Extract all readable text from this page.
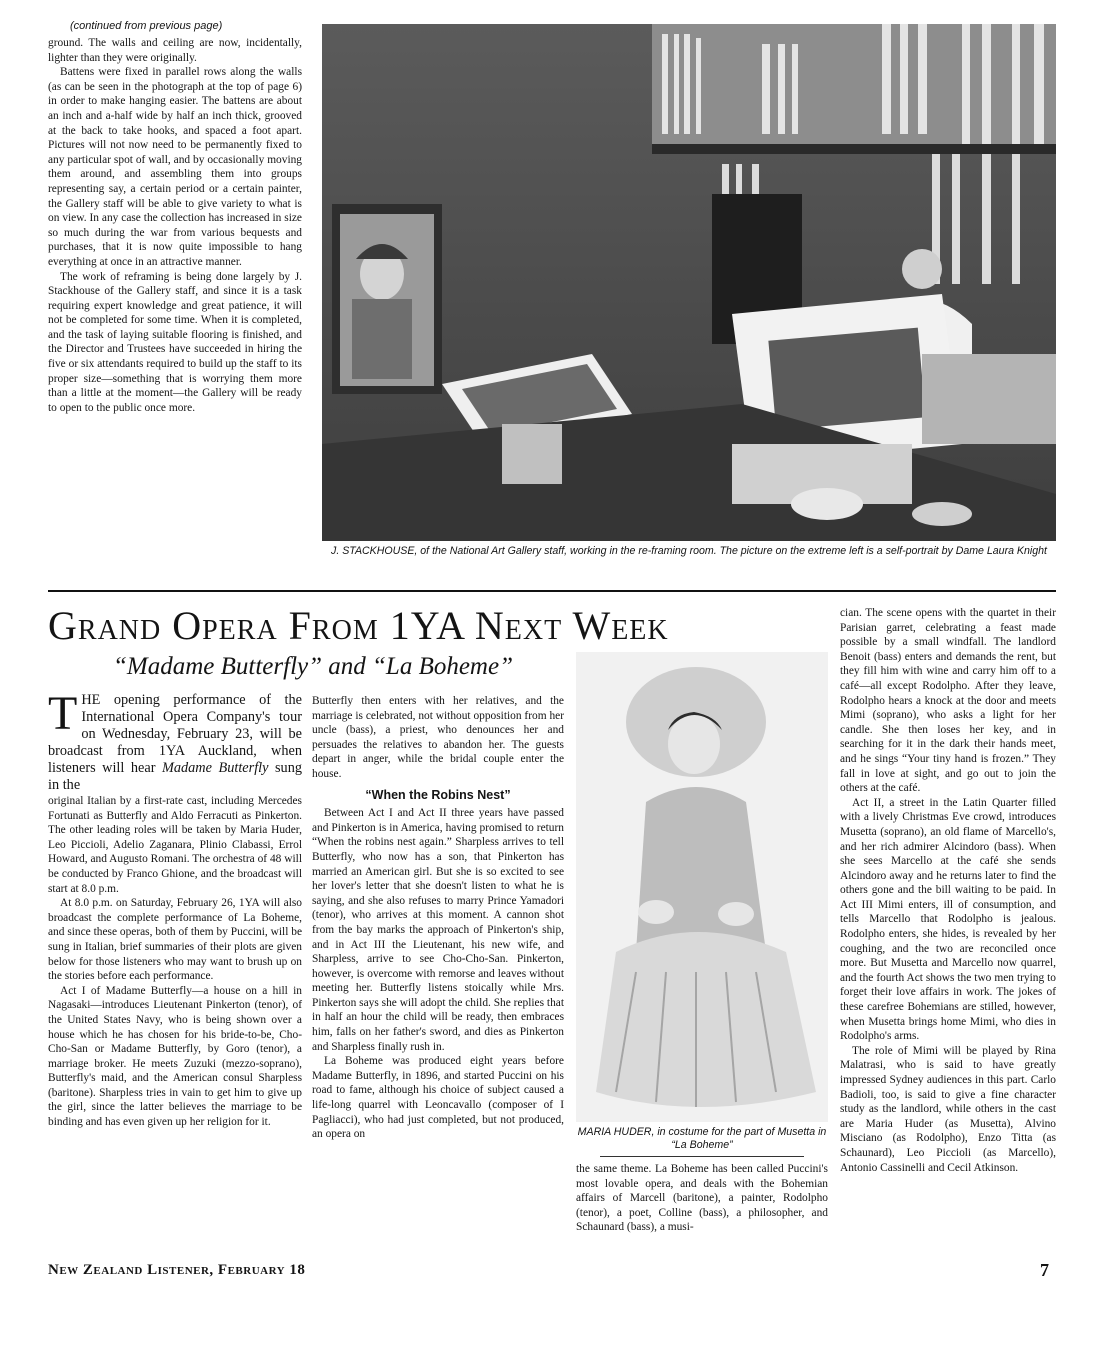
(continued from previous page)

ground. The walls and ceiling are now, incidentally, lighter than they were originally.

Battens were fixed in parallel rows along the walls (as can be seen in the photograph at the top of page 6) in order to make hanging easier. The battens are about an inch and a-half wide by half an inch thick, grooved at the back to take hooks, and spaced a foot apart. Pictures will not now need to be permanently fixed to any particular spot of wall, and by occasionally moving them around, and assembling them into groups representing say, a certain period or a certain painter, the Gallery staff will be able to give variety to what is on view. In any case the collection has increased in size so much during the war from various bequests and purchases, that it is now quite impossible to hang everything at once in an attractive manner.

The work of reframing is being done largely by J. Stackhouse of the Gallery staff, and since it is a task requiring expert knowledge and great patience, it will not be completed for some time. When it is completed, and the task of laying suitable flooring is finished, and the Director and Trustees have succeeded in hiring the five or six attendants required to build up the staff to its proper size—something that is worrying them more than a little at the moment—the Gallery will be ready to open to the public once more.

J. STACKHOUSE, of the National Art Gallery staff, working in the re-framing room. The picture on the extreme left is a self-portrait by Dame Laura Knight
Grand Opera From 1YA Next Week
“Madame Butterfly” and “La Boheme”
THE opening performance of the International Opera Company's tour on Wednesday, February 23, will be broadcast from 1YA Auckland, when listeners will hear Madame Butterfly sung in the

original Italian by a first-rate cast, including Mercedes Fortunati as Butterfly and Aldo Ferracuti as Pinkerton. The other leading roles will be taken by Maria Huder, Leo Piccioli, Adelio Zaganara, Plinio Clabassi, Errol Howard, and Augusto Romani. The orchestra of 48 will be conducted by Franco Ghione, and the broadcast will start at 8.0 p.m.

At 8.0 p.m. on Saturday, February 26, 1YA will also broadcast the complete performance of La Boheme, and since these operas, both of them by Puccini, will be sung in Italian, brief summaries of their plots are given below for those listeners who may want to brush up on the stories before each performance.

Act I of Madame Butterfly—a house on a hill in Nagasaki—introduces Lieutenant Pinkerton (tenor), of the United States Navy, who is being shown over a house which he has chosen for his bride-to-be, Cho-Cho-San or Madame Butterfly, by Goro (tenor), a marriage broker. He meets Zuzuki (mezzo-soprano), Butterfly's maid, and the American consul Sharpless (baritone). Sharpless tries in vain to get him to give up the girl, since the latter believes the marriage to be binding and has even given up her religion for it.

Butterfly then enters with her relatives, and the marriage is celebrated, not without opposition from her uncle (bass), a priest, who denounces her and persuades the relatives to abandon her. The guests depart in anger, while the bridal couple enter the house.

“When the Robins Nest”

Between Act I and Act II three years have passed and Pinkerton is in America, having promised to return “When the robins nest again.” Sharpless arrives to tell Butterfly, who now has a son, that Pinkerton has married an American girl. But she is so excited to see her lover's letter that she doesn't listen to what he is saying, and she also refuses to marry Prince Yamadori (tenor), who arrives at this moment. A cannon shot from the bay marks the approach of Pinkerton's ship, and in Act III the Lieutenant, his new wife, and Sharpless, arrive to see Cho-Cho-San. Pinkerton, however, is overcome with remorse and leaves without meeting her. Butterfly listens stoically while Mrs. Pinkerton says she will adopt the child. She replies that in half an hour the child will be ready, then embraces him, falls on her father's sword, and dies as Pinkerton and Sharpless finally rush in.

La Boheme was produced eight years before Madame Butterfly, in 1896, and started Puccini on his road to fame, although his choice of subject caused a life-long quarrel with Leoncavallo (composer of I Pagliacci), who had just completed, but not produced, an opera on	MARIA HUDER, in costume for the part of Musetta in “La Boheme”

the same theme. La Boheme has been called Puccini's most lovable opera, and deals with the Bohemian affairs of Marcell (baritone), a painter, Rodolpho (tenor), a poet, Colline (bass), a philosopher, and Schaunard (bass), a musi-

cian. The scene opens with the quartet in their Parisian garret, celebrating a feast made possible by a small windfall. The landlord Benoit (bass) enters and demands the rent, but they fill him with wine and carry him off to a café—all except Rodolpho. After they leave, Rodolpho hears a knock at the door and meets Mimi (soprano), who asks a light for her candle. She then loses her key, and in searching for it in the dark their hands meet, and he sings “Your tiny hand is frozen.” They fall in love at sight, and go out to join the others at the café.

Act II, a street in the Latin Quarter filled with a lively Christmas Eve crowd, introduces Musetta (soprano), an old flame of Marcello's, and her rich admirer Alcindoro (bass). When she sees Marcello at the café she sends Alcindoro away and he returns later to find the others gone and the bill waiting to be paid. In Act III Mimi enters, ill of consumption, and tells Marcello that Rodolpho is jealous. Rodolpho enters, she hides, is revealed by her coughing, and the two are reconciled once more. But Musetta and Marcello now quarrel, and the fourth Act shows the two men trying to forget their love affairs in work. The jokes of these carefree Bohemians are stilled, however, when Musetta brings home Mimi, who dies in Rodolpho's arms.

The role of Mimi will be played by Rina Malatrasi, who is said to have greatly impressed Sydney audiences in this part. Carlo Badioli, too, is said to give a fine character study as the landlord, while others in the cast are Maria Huder (as Musetta), Alvino Misciano (as Rodolpho), Enzo Titta (as Schaunard), Leo Piccioli (as Marcello), Antonio Cassinelli and Cecil Atkinson.

New Zealand Listener, February 18	7
